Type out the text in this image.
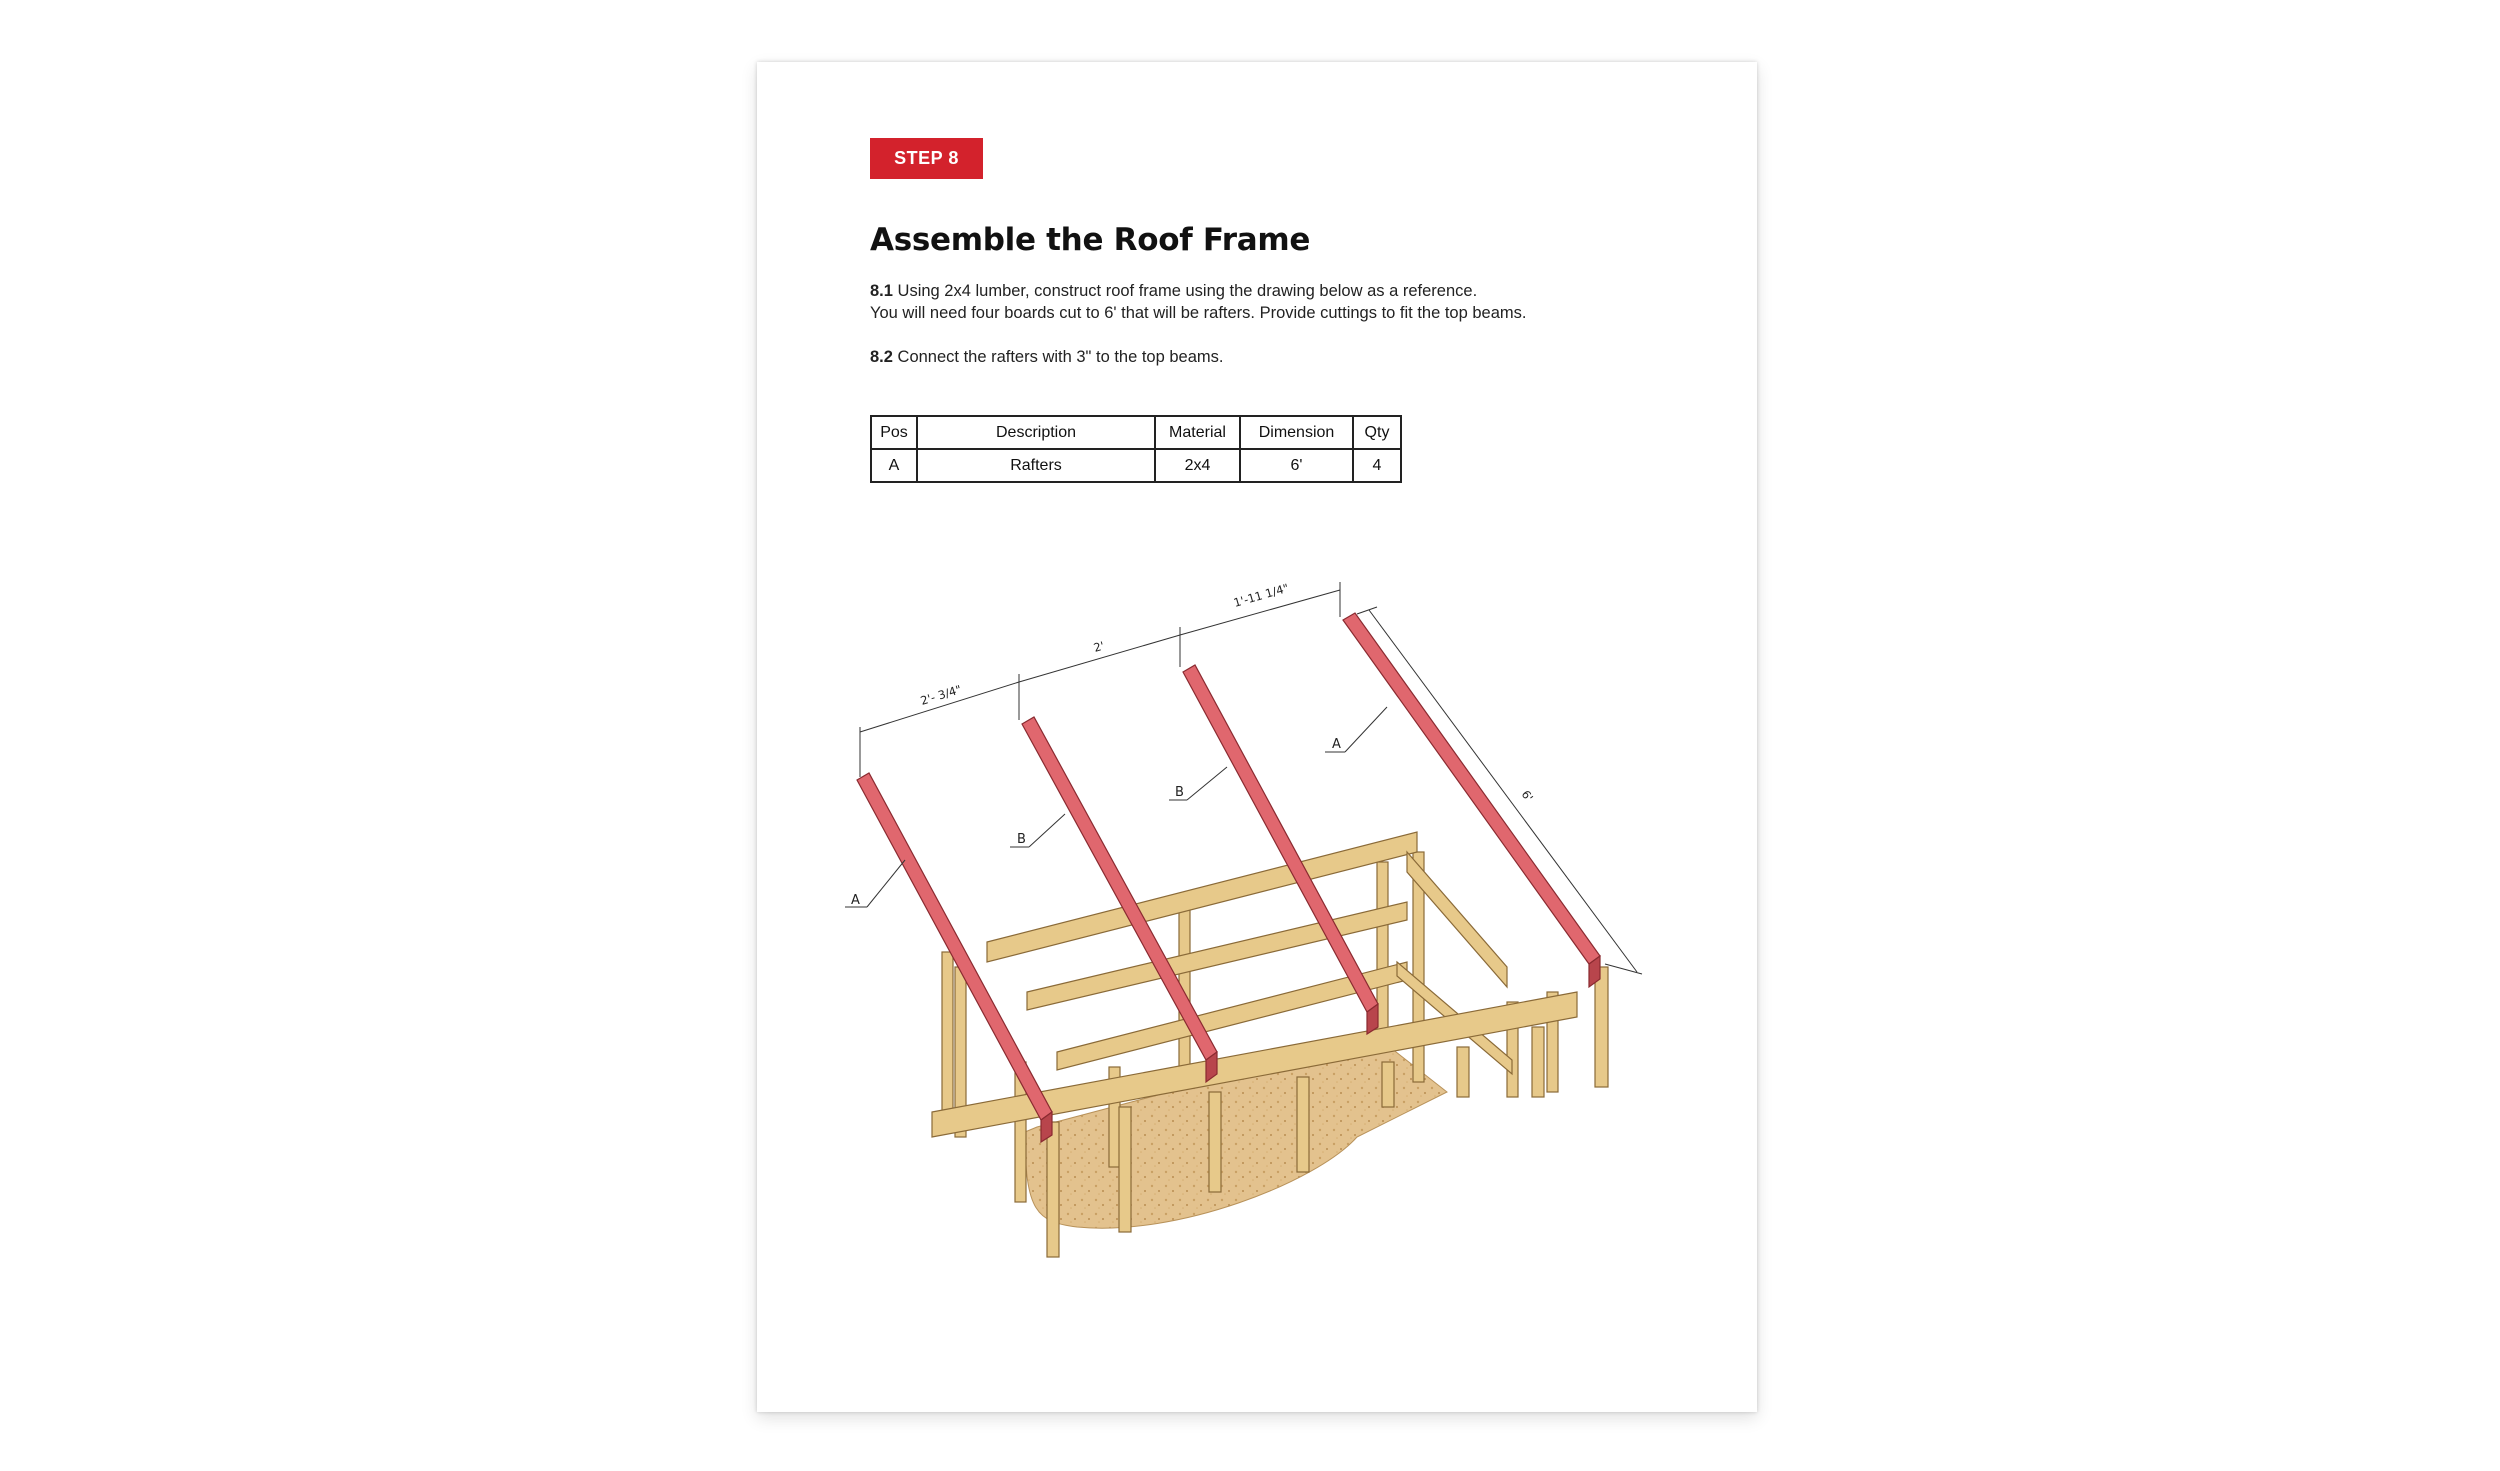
STEP 8
Assemble the Roof Frame

8.1 Using 2x4 lumber, construct roof frame using the drawing below as a reference.
You will need four boards cut to 6' that will be rafters. Provide cuttings to fit the top beams.

8.2 Connect the rafters with 3" to the top beams.

Pos	Description	Material	Dimension	Qty
A	Rafters	2x4	6'	4
2'- 3/4"
2'
1'-11 1/4"
6'
A
B
B
A
